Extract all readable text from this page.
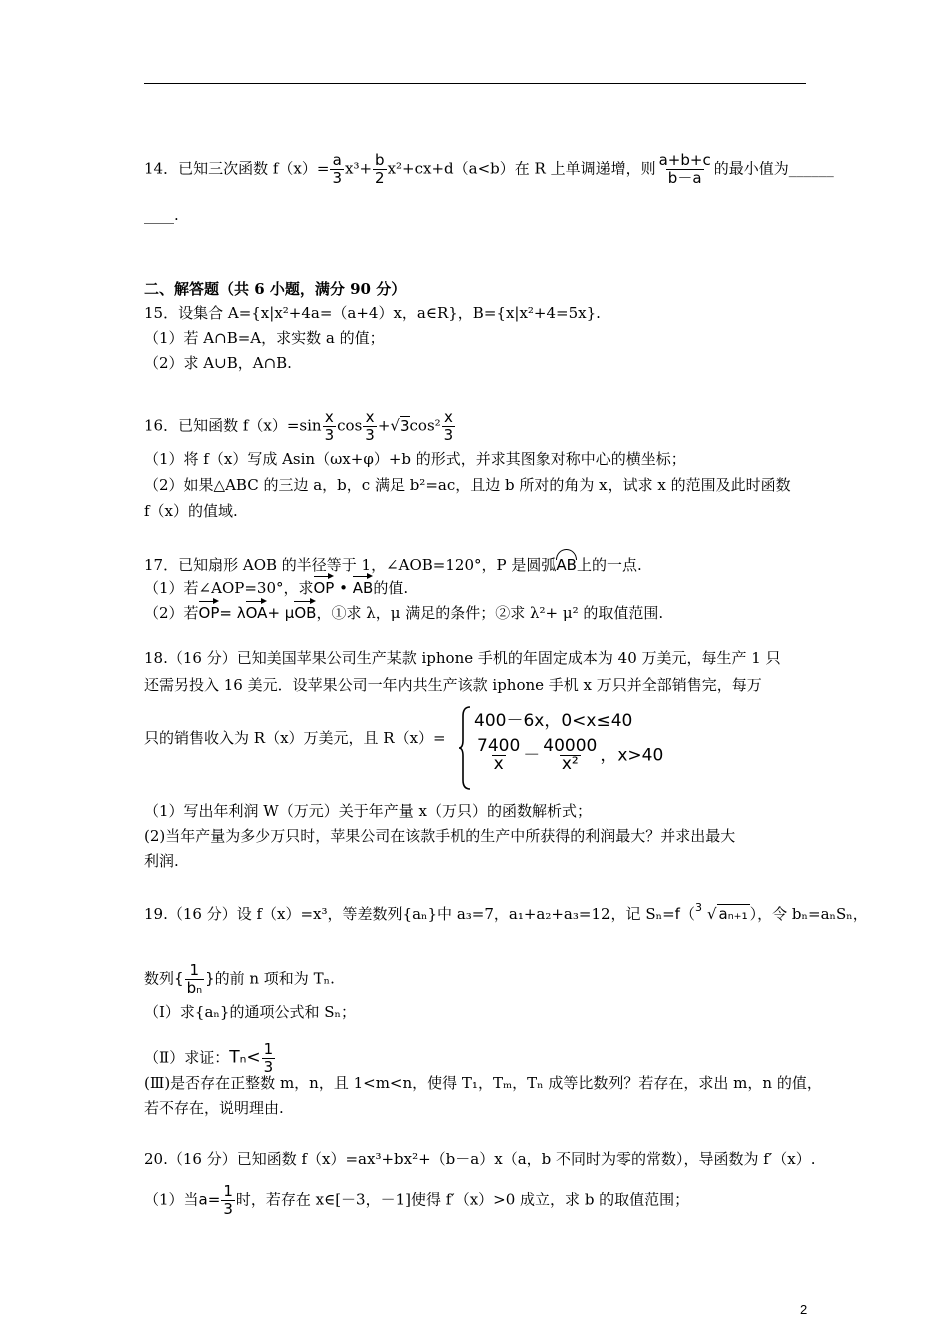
14．已知三次函数 $f(x)= \frac{a}{3} x^3+ \frac{b}{2} x^2+cx+d(a<b)$在 R 上单调递增，则 $\frac{a+b+c}{b-a}$ 的最小值为______
____.
二、解答题（共 6 小题，满分 90 分）
15．设集合 A={x|x²+4a=（a+4）x，a∈R}，B={x|x²+4=5x}.
（1）若 A∩B=A，求实数 a 的值；
（2）求 A∪B，A∩B.
16．已知函数 $f(x)=\sin \frac{x}{3}$ $\cos \frac{x}{3} +√3\cos^2 \frac{x}{3}$
（1）将 f（x）写成 Asin（ωx+φ）+b 的形式，并求其图象对称中心的横坐标；
（2）如果△ABC 的三边 a，b，c 满足 b²=ac，且边 b 所对的角为 x，试求 x 的范围及此时函数
f（x）的值域.
17．已知扇形 AOB 的半径等于 1，∠AOB=120°，P 是圆弧AB上的一点.
（1）若∠AOP=30°，求OP • AB的值.
（2）若OP= λOA+ μOB，①求 λ，μ 满足的条件；②求 λ²+ μ² 的取值范围.
18.（16 分）已知美国苹果公司生产某款 iphone 手机的年固定成本为 40 万美元，每生产 1 只
还需另投入 16 美元．设苹果公司一年内共生产该款 iphone 手机 x 万只并全部销售完，每万
只的销售收入为 R（x）万美元，且 R（x）=
400－6x，0<x≤40
$\frac{7400}{x} - \frac{40000}{\text{x²}}$ ，x>40
（1）写出年利润 W（万元）关于年产量 x（万只）的函数解析式；
(2)当年产量为多少万只时，苹果公司在该款手机的生产中所获得的利润最大？并求出最大
利润.
19.（16 分）设 f（x）=x³，等差数列{aₙ}中 a₃=7，a₁+a₂+a₃=12，记 Sₙ=f（ 3 √ aₙ₊₁ ），令 bₙ=aₙSₙ，
数列{ $\frac{1}{\text{bₙ}}$ }的前 n 项和为 Tₙ.
（Ⅰ）求{aₙ}的通项公式和 Sₙ；
（Ⅱ）求证：$T_n< \frac{1}{3}$
(Ⅲ)是否存在正整数 m，n，且 1<m<n，使得 T₁，Tₘ，Tₙ 成等比数列？若存在，求出 m，n 的值，
若不存在，说明理由.
20.（16 分）已知函数 f（x）=ax³+bx²+（b－a）x（a，b 不同时为零的常数），导函数为 f′（x）.
（1）当$a= \frac{1}{3}$ 时，若存在 x∈[－3，－1]使得 f′（x）>0 成立，求 b 的取值范围；
2
